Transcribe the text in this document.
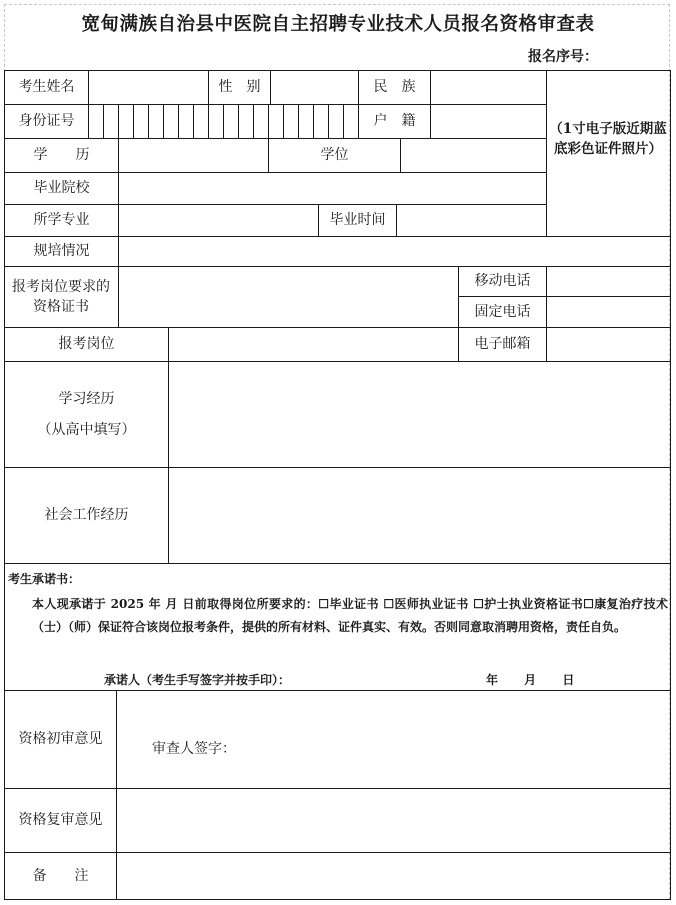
宽甸满族自治县中医院自主招聘专业技术人员报名资格审查表
报名序号：
考生姓名	性　别	民　族
身份证号	户　籍
（1寸电子版近期蓝底彩色证件照片）
学　　历	学位
毕业院校
所学专业	毕业时间
规培情况
报考岗位要求的资格证书
移动电话
固定电话
报考岗位	电子邮箱
学习经历
（从高中填写）
社会工作经历
考生承诺书：
本人现承诺于 2025 年 月 日前取得岗位所要求的：☐毕业证书 ☐医师执业证书 ☐护士执业资格证书☐康复治疗技术（士）（师）保证符合该岗位报考条件，提供的所有材料、证件真实、有效。否则同意取消聘用资格，责任自负。
承诺人（考生手写签字并按手印）：	年 月 日
资格初审意见
审查人签字：
资格复审意见
备　　注
